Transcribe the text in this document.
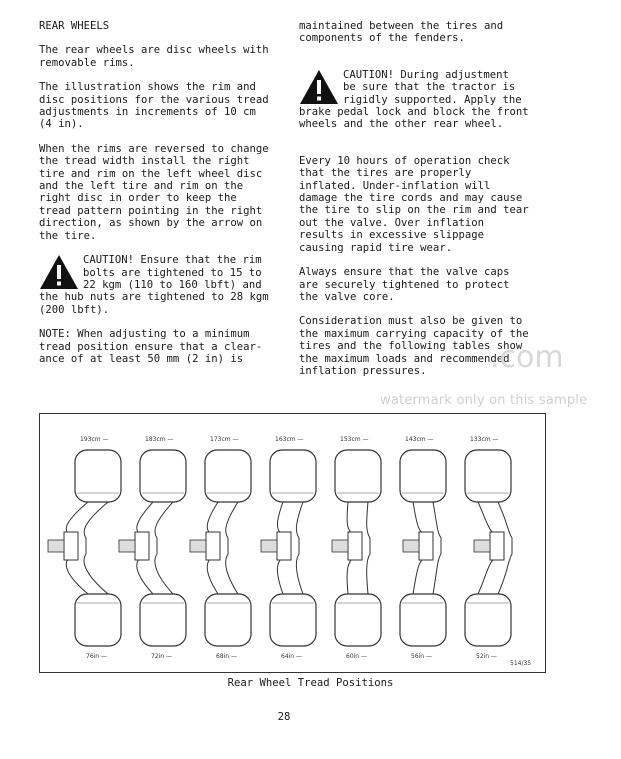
REAR WHEELS

The rear wheels are disc wheels with
removable rims.

The illustration shows the rim and
disc positions for the various tread
adjustments in increments of 10 cm
(4 in).

When the rims are reversed to change
the tread width install the right
tire and rim on the left wheel disc
and the left tire and rim on the
right disc in order to keep the
tread pattern pointing in the right
direction, as shown by the arrow on
the tire.

CAUTION! Ensure that the rim
bolts are tightened to 15 to
22 kgm (110 to 160 lbft) and
the hub nuts are tightened to 28 kgm
(200 lbft).

NOTE: When adjusting to a minimum
tread position ensure that a clear-
ance of at least 50 mm (2 in) is

maintained between the tires and
components of the fenders.

CAUTION! During adjustment
be sure that the tractor is
rigidly supported. Apply the
brake pedal lock and block the front
wheels and the other rear wheel.

Every 10 hours of operation check
that the tires are properly
inflated. Under-inflation will
damage the tire cords and may cause
the tire to slip on the rim and tear
out the valve. Over inflation
results in excessive slippage
causing rapid tire wear.

Always ensure that the valve caps
are securely tightened to protect
the valve core.

Consideration must also be given to
the maximum carrying capacity of the
tires and the following tables show
the maximum loads and recommended
inflation pressures.	.com
watermark only on this sample
193cm —
76in —
183cm —
72in —
173cm —
68in —
163cm —
64in —
153cm —
60in —
143cm —
56in —
133cm —
52in —
514/35
Rear Wheel Tread Positions
28
